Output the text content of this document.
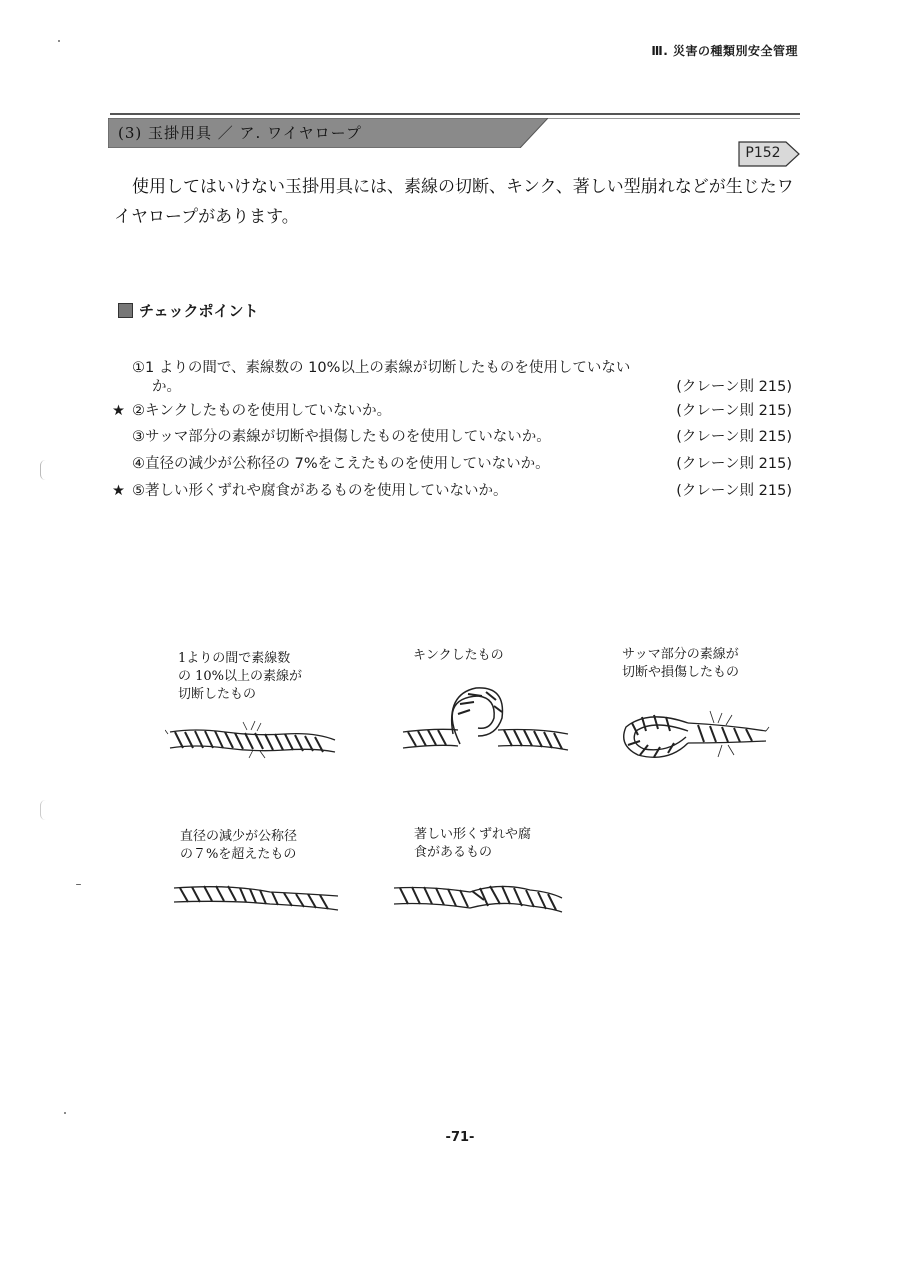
Ⅲ. 災害の種類別安全管理
(3) 玉掛用具 ／ ア. ワイヤロープ
P152
使用してはいけない玉掛用具には、素線の切断、キンク、著しい型崩れなどが生じたワイヤロープがあります。
チェックポイント
①1 よりの間で、素線数の 10%以上の素線が切断したものを使用していない
か。	(クレーン則 215)
★ ②キンクしたものを使用していないか。	(クレーン則 215)
③サッマ部分の素線が切断や損傷したものを使用していないか。	(クレーン則 215)
④直径の減少が公称径の 7%をこえたものを使用していないか。	(クレーン則 215)
★ ⑤著しい形くずれや腐食があるものを使用していないか。	(クレーン則 215)
1よりの間で素線数
の 10%以上の素線が
切断したもの
キンクしたもの	サッマ部分の素線が
切断や損傷したもの
直径の減少が公称径
の７%を超えたもの
著しい形くずれや腐
食があるもの
-71-
